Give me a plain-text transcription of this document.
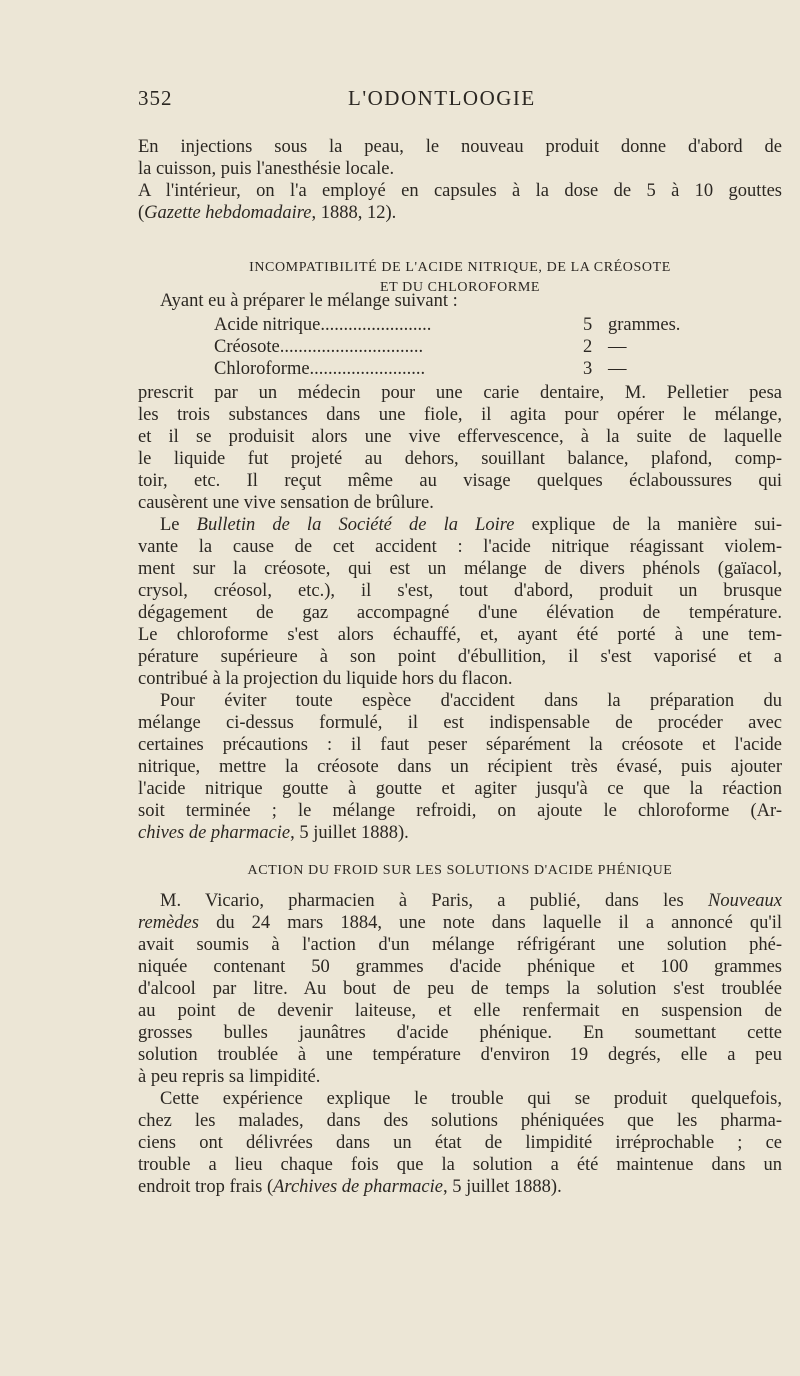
352	L'ODONTLOOGIE
En injections sous la peau, le nouveau produit donne d'abord de
la cuisson, puis l'anesthésie locale.
A l'intérieur, on l'a employé en capsules à la dose de 5 à 10 gouttes
(Gazette hebdomadaire, 1888, 12).
INCOMPATIBILITÉ DE L'ACIDE NITRIQUE, DE LA CRÉOSOTE
ET DU CHLOROFORME
Ayant eu à préparer le mélange suivant :
Acide nitrique........................	5 grammes.
Créosote...............................	2 —
Chloroforme.........................	3 —
prescrit par un médecin pour une carie dentaire, M. Pelletier pesa
les trois substances dans une fiole, il agita pour opérer le mélange,
et il se produisit alors une vive effervescence, à la suite de laquelle
le liquide fut projeté au dehors, souillant balance, plafond, comp-
toir, etc. Il reçut même au visage quelques éclaboussures qui
causèrent une vive sensation de brûlure.
Le Bulletin de la Société de la Loire explique de la manière sui-
vante la cause de cet accident : l'acide nitrique réagissant violem-
ment sur la créosote, qui est un mélange de divers phénols (gaïacol,
crysol, créosol, etc.), il s'est, tout d'abord, produit un brusque
dégagement de gaz accompagné d'une élévation de température.
Le chloroforme s'est alors échauffé, et, ayant été porté à une tem-
pérature supérieure à son point d'ébullition, il s'est vaporisé et a
contribué à la projection du liquide hors du flacon.
Pour éviter toute espèce d'accident dans la préparation du
mélange ci-dessus formulé, il est indispensable de procéder avec
certaines précautions : il faut peser séparément la créosote et l'acide
nitrique, mettre la créosote dans un récipient très évasé, puis ajouter
l'acide nitrique goutte à goutte et agiter jusqu'à ce que la réaction
soit terminée ; le mélange refroidi, on ajoute le chloroforme (Ar-
chives de pharmacie, 5 juillet 1888).
ACTION DU FROID SUR LES SOLUTIONS D'ACIDE PHÉNIQUE
M. Vicario, pharmacien à Paris, a publié, dans les Nouveaux
remèdes du 24 mars 1884, une note dans laquelle il a annoncé qu'il
avait soumis à l'action d'un mélange réfrigérant une solution phé-
niquée contenant 50 grammes d'acide phénique et 100 grammes
d'alcool par litre. Au bout de peu de temps la solution s'est troublée
au point de devenir laiteuse, et elle renfermait en suspension de
grosses bulles jaunâtres d'acide phénique. En soumettant cette
solution troublée à une température d'environ 19 degrés, elle a peu
à peu repris sa limpidité.
Cette expérience explique le trouble qui se produit quelquefois,
chez les malades, dans des solutions phéniquées que les pharma-
ciens ont délivrées dans un état de limpidité irréprochable ; ce
trouble a lieu chaque fois que la solution a été maintenue dans un
endroit trop frais (Archives de pharmacie, 5 juillet 1888).
